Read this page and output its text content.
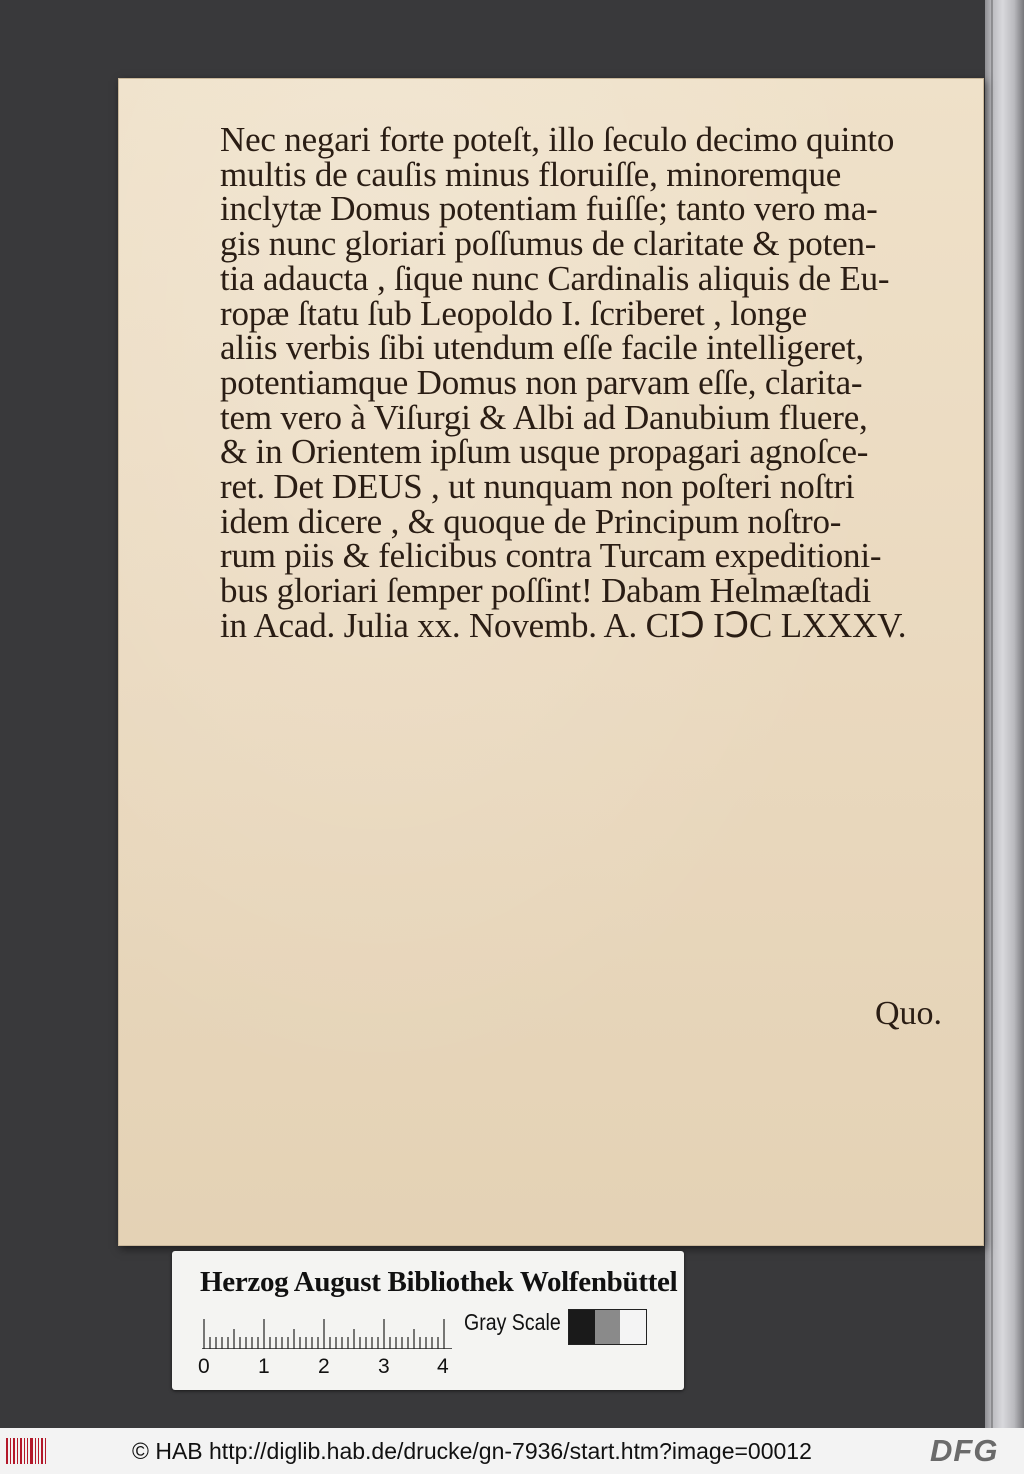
Nec negari forte poteſt, illo ſeculo decimo quinto
multis de cauſis minus floruiſſe, minoremque
inclytæ Domus potentiam fuiſſe; tanto vero ma-
gis nunc gloriari poſſumus de claritate & poten-
tia adaucta , ſique nunc Cardinalis aliquis de Eu-
ropæ ſtatu ſub Leopoldo I. ſcriberet , longe
aliis verbis ſibi utendum eſſe facile intelligeret,
potentiamque Domus non parvam eſſe, clarita-
tem vero à Viſurgi & Albi ad Danubium fluere,
& in Orientem ipſum usque propagari agnoſce-
ret. Det DEUS , ut nunquam non poſteri noſtri
idem dicere , & quoque de Principum noſtro-
rum piis & felicibus contra Turcam expeditioni-
bus gloriari ſemper poſſint! Dabam Helmæſtadi
in Acad. Julia xx. Novemb. A. CIↃ IↃC LXXXV.
Quo.
Herzog August Bibliothek Wolfenbüttel
0 1 2 3 4
Gray Scale
© HAB http://diglib.hab.de/drucke/gn-7936/start.htm?image=00012	DFG
